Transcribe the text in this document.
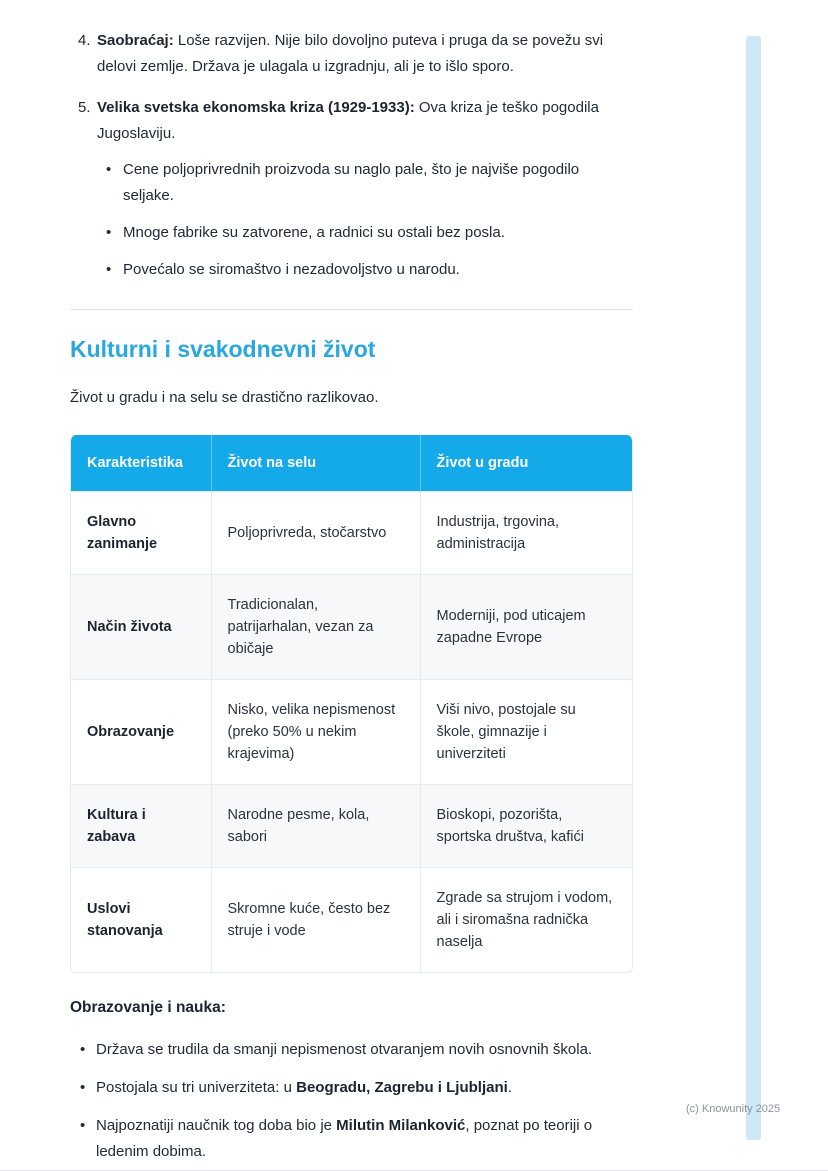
4. Saobraćaj: Loše razvijen. Nije bilo dovoljno puteva i pruga da se povežu svi delovi zemlje. Država je ulagala u izgradnju, ali je to išlo sporo.

5. Velika svetska ekonomska kriza (1929-1933): Ova kriza je teško pogodila Jugoslaviju.

• Cene poljoprivrednih proizvoda su naglo pale, što je najviše pogodilo seljake.
• Mnoge fabrike su zatvorene, a radnici su ostali bez posla.
• Povećalo se siromaštvo i nezadovoljstvo u narodu.
Kulturni i svakodnevni život

Život u gradu i na selu se drastično razlikovao.

Karakteristika	Život na selu	Život u gradu
Glavno zanimanje	Poljoprivreda, stočarstvo	Industrija, trgovina, administracija
Način života	Tradicionalan, patrijarhalan, vezan za običaje	Moderniji, pod uticajem zapadne Evrope
Obrazovanje	Nisko, velika nepismenost (preko 50% u nekim krajevima)	Viši nivo, postojale su škole, gimnazije i univerziteti
Kultura i zabava	Narodne pesme, kola, sabori	Bioskopi, pozorišta, sportska društva, kafići
Uslovi stanovanja	Skromne kuće, često bez struje i vode	Zgrade sa strujom i vodom, ali i siromašna radnička naselja

Obrazovanje i nauka:

• Država se trudila da smanji nepismenost otvaranjem novih osnovnih škola.
• Postojala su tri univerziteta: u Beogradu, Zagrebu i Ljubljani.
• Najpoznatiji naučnik tog doba bio je Milutin Milanković, poznat po teoriji o ledenim dobima.
(c) Knowunity 2025
